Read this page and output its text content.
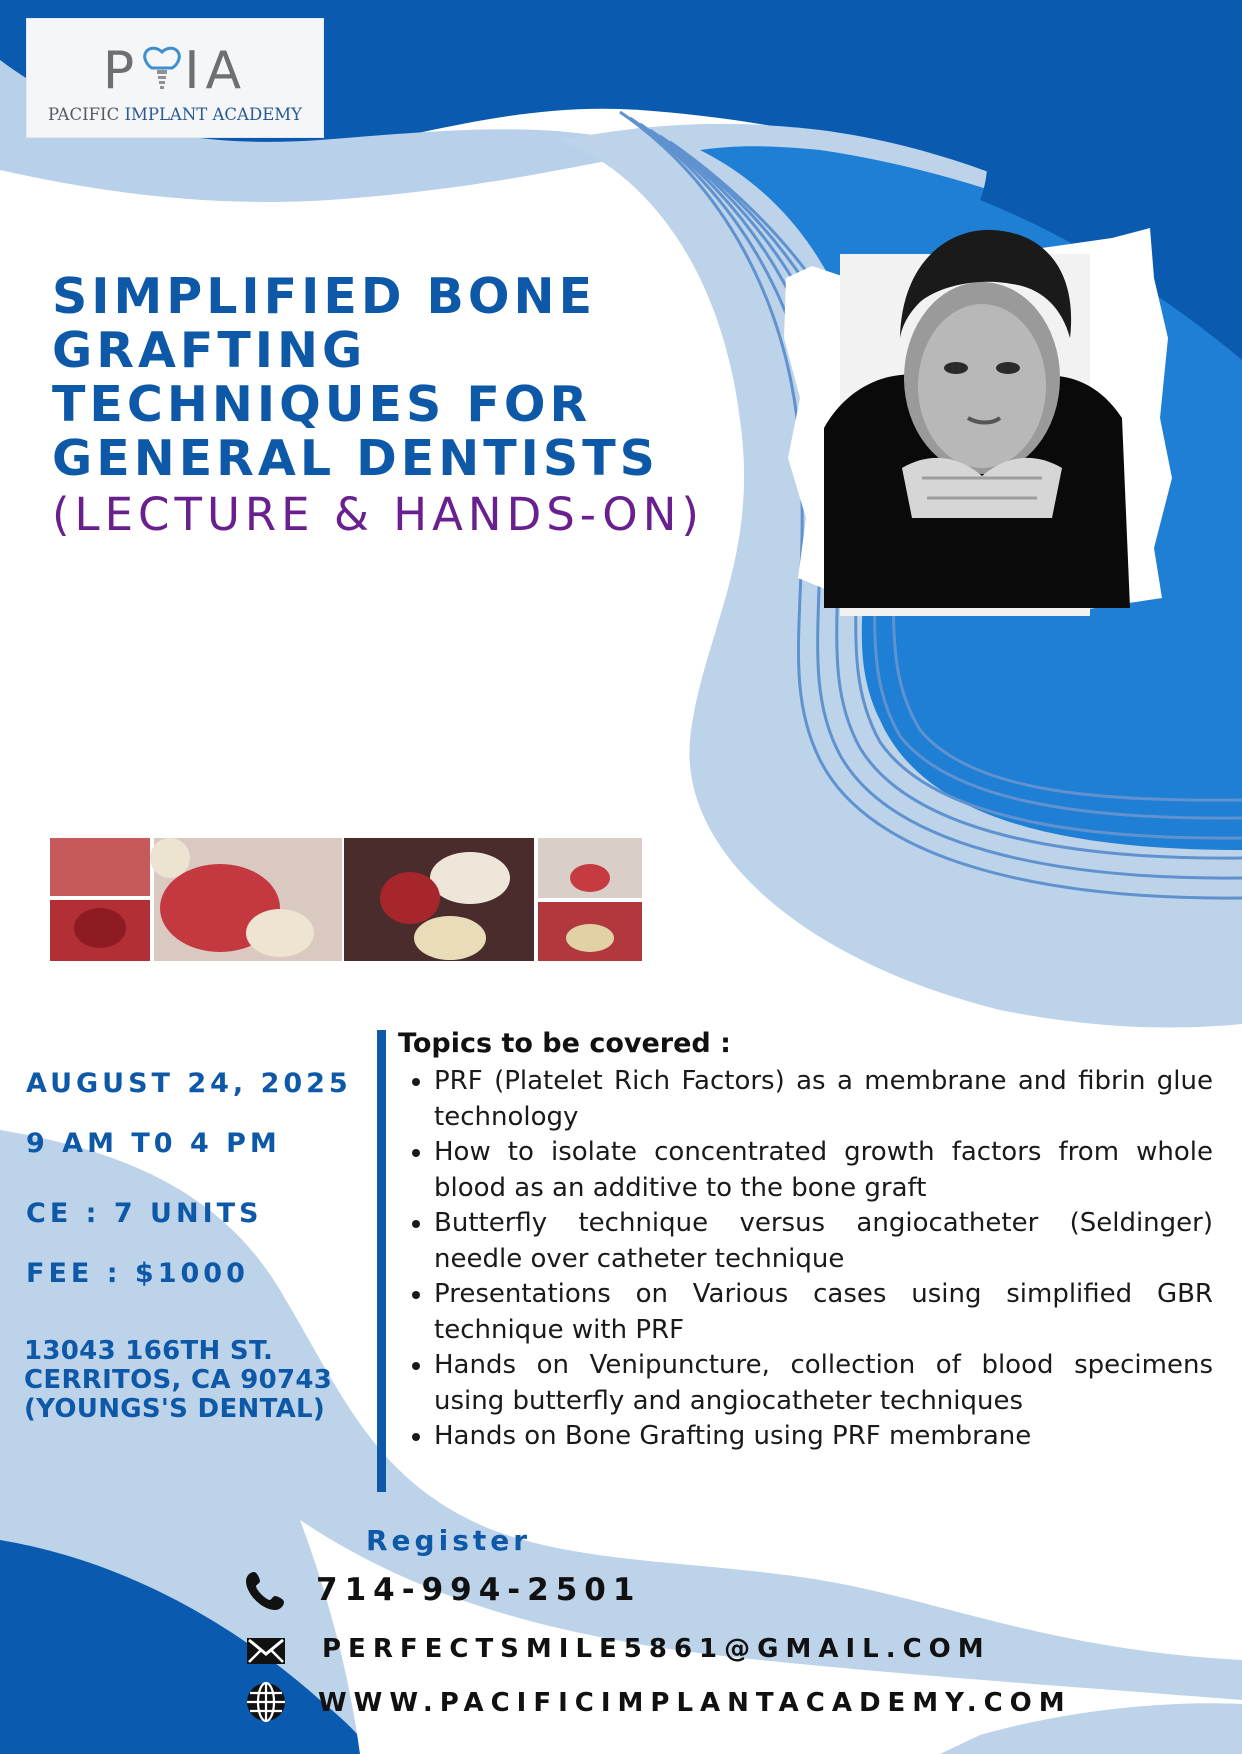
P IA
PACIFIC IMPLANT ACADEMY
SIMPLIFIED BONE
GRAFTING
TECHNIQUES FOR
GENERAL DENTISTS
(LECTURE & HANDS-ON)
AUGUST 24, 2025
9 AM T0 4 PM
CE : 7 UNITS
FEE : $1000
13043 166TH ST.
CERRITOS, CA 90743
(YOUNGS'S DENTAL)
Topics to be covered :
• PRF (Platelet Rich Factors) as a membrane and fibrin glue technology
• How to isolate concentrated growth factors from whole blood as an additive to the bone graft
• Butterfly technique versus angiocatheter (Seldinger) needle over catheter technique
• Presentations on Various cases using simplified GBR technique with PRF
• Hands on Venipuncture, collection of blood specimens using butterfly and angiocatheter techniques
• Hands on Bone Grafting using PRF membrane
Register
714-994-2501
PERFECTSMILE5861@GMAIL.COM
WWW.PACIFICIMPLANTACADEMY.COM
